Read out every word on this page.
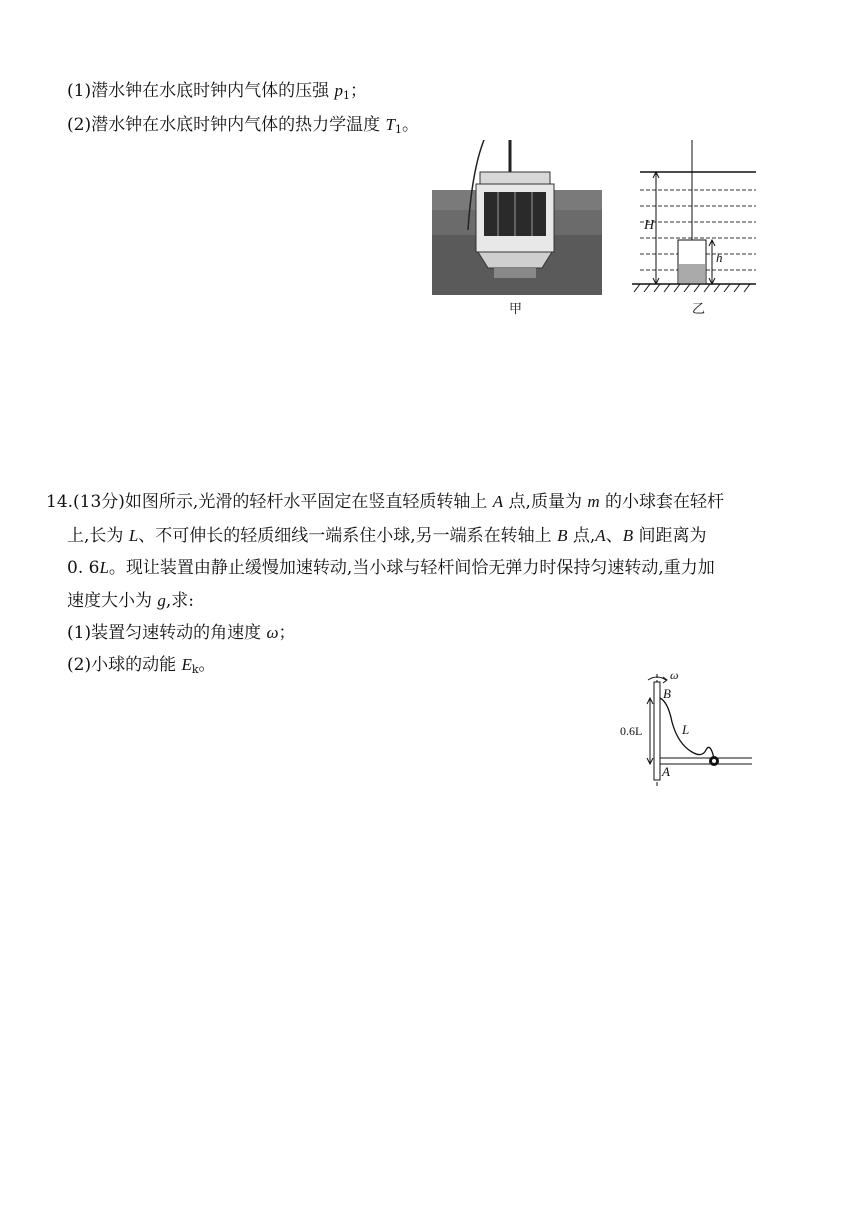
(1)潜水钟在水底时钟内气体的压强 $p_1$；
(2)潜水钟在水底时钟内气体的热力学温度 $T_1$。
甲
H
h
乙
14.(13分)如图所示,光滑的轻杆水平固定在竖直轻质转轴上 A 点,质量为 m 的小球套在轻杆
上,长为 L、不可伸长的轻质细线一端系住小球,另一端系在转轴上 B 点,A、B 间距离为
0. 6L。现让装置由静止缓慢加速转动,当小球与轻杆间恰无弹力时保持匀速转动,重力加
速度大小为 g,求:
(1)装置匀速转动的角速度 ω；
(2)小球的动能 $E_k$。	ω
B
0.6L	L
A
